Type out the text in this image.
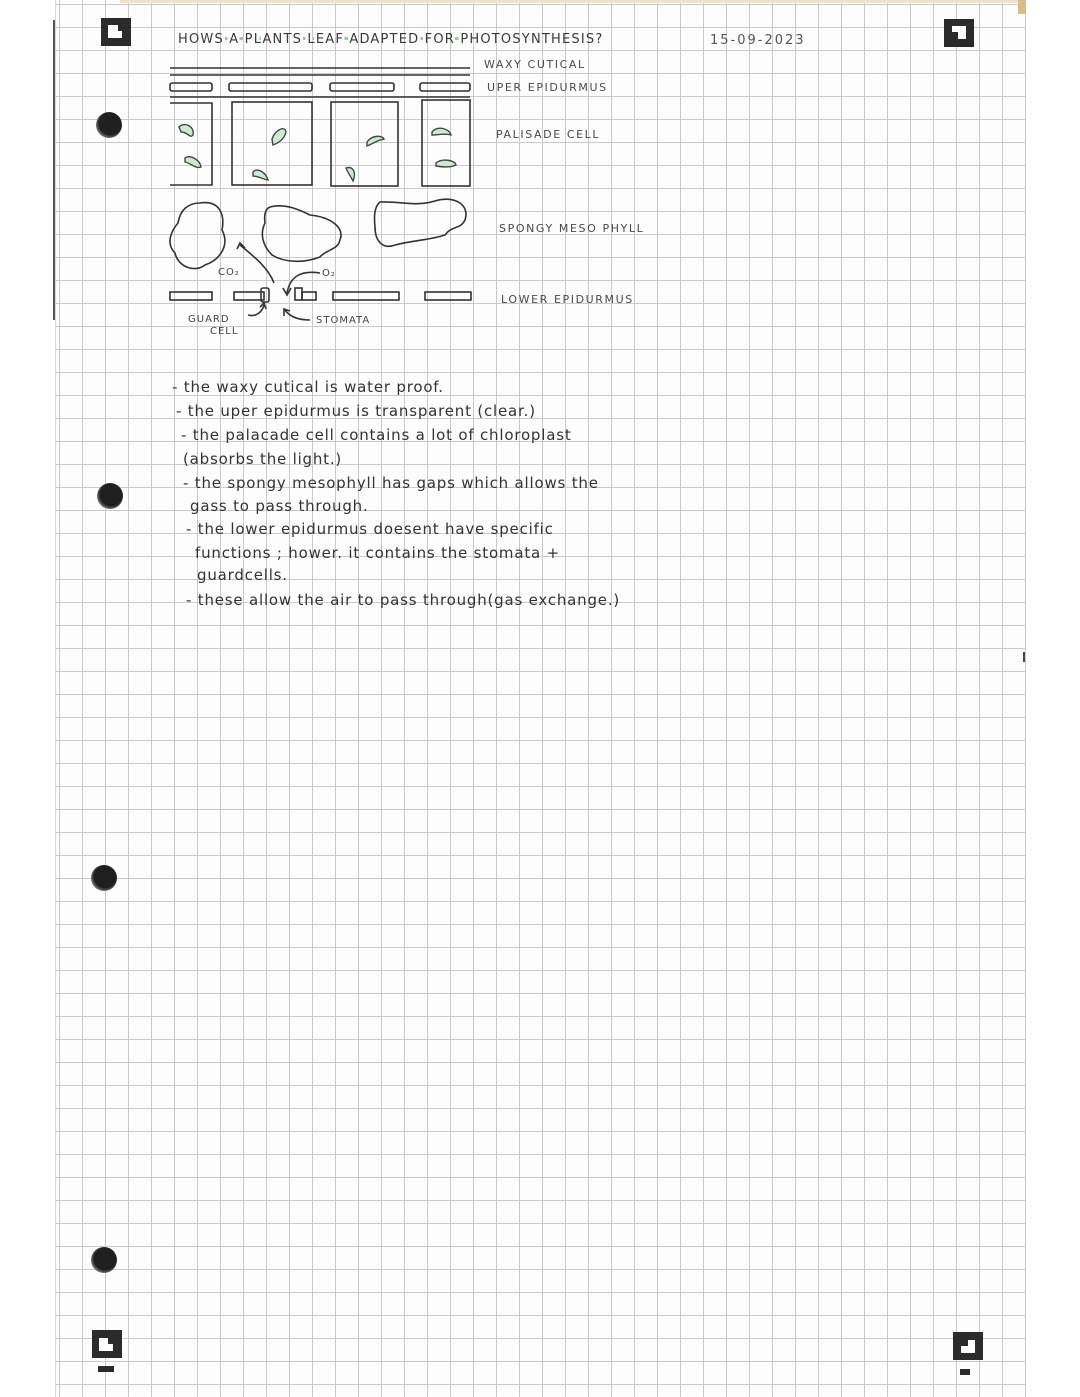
HOWS A PLANTS LEAF ADAPTED FOR PHOTOSYNTHESIS?	15-09-2023
WAXY CUTICAL
UPER EPIDURMUS
PALISADE CELL
SPONGY MESO PHYLL
LOWER EPIDURMUS
CO₂	O₂
GUARD
CELL
STOMATA
- the waxy cutical is water proof.
- the uper epidurmus is transparent (clear.)
- the palacade cell contains a lot of chloroplast
(absorbs the light.)
- the spongy mesophyll has gaps which allows the
gass to pass through.
- the lower epidurmus doesent have specific
functions ; hower. it contains the stomata +
guardcells.
- these allow the air to pass through(gas exchange.)
